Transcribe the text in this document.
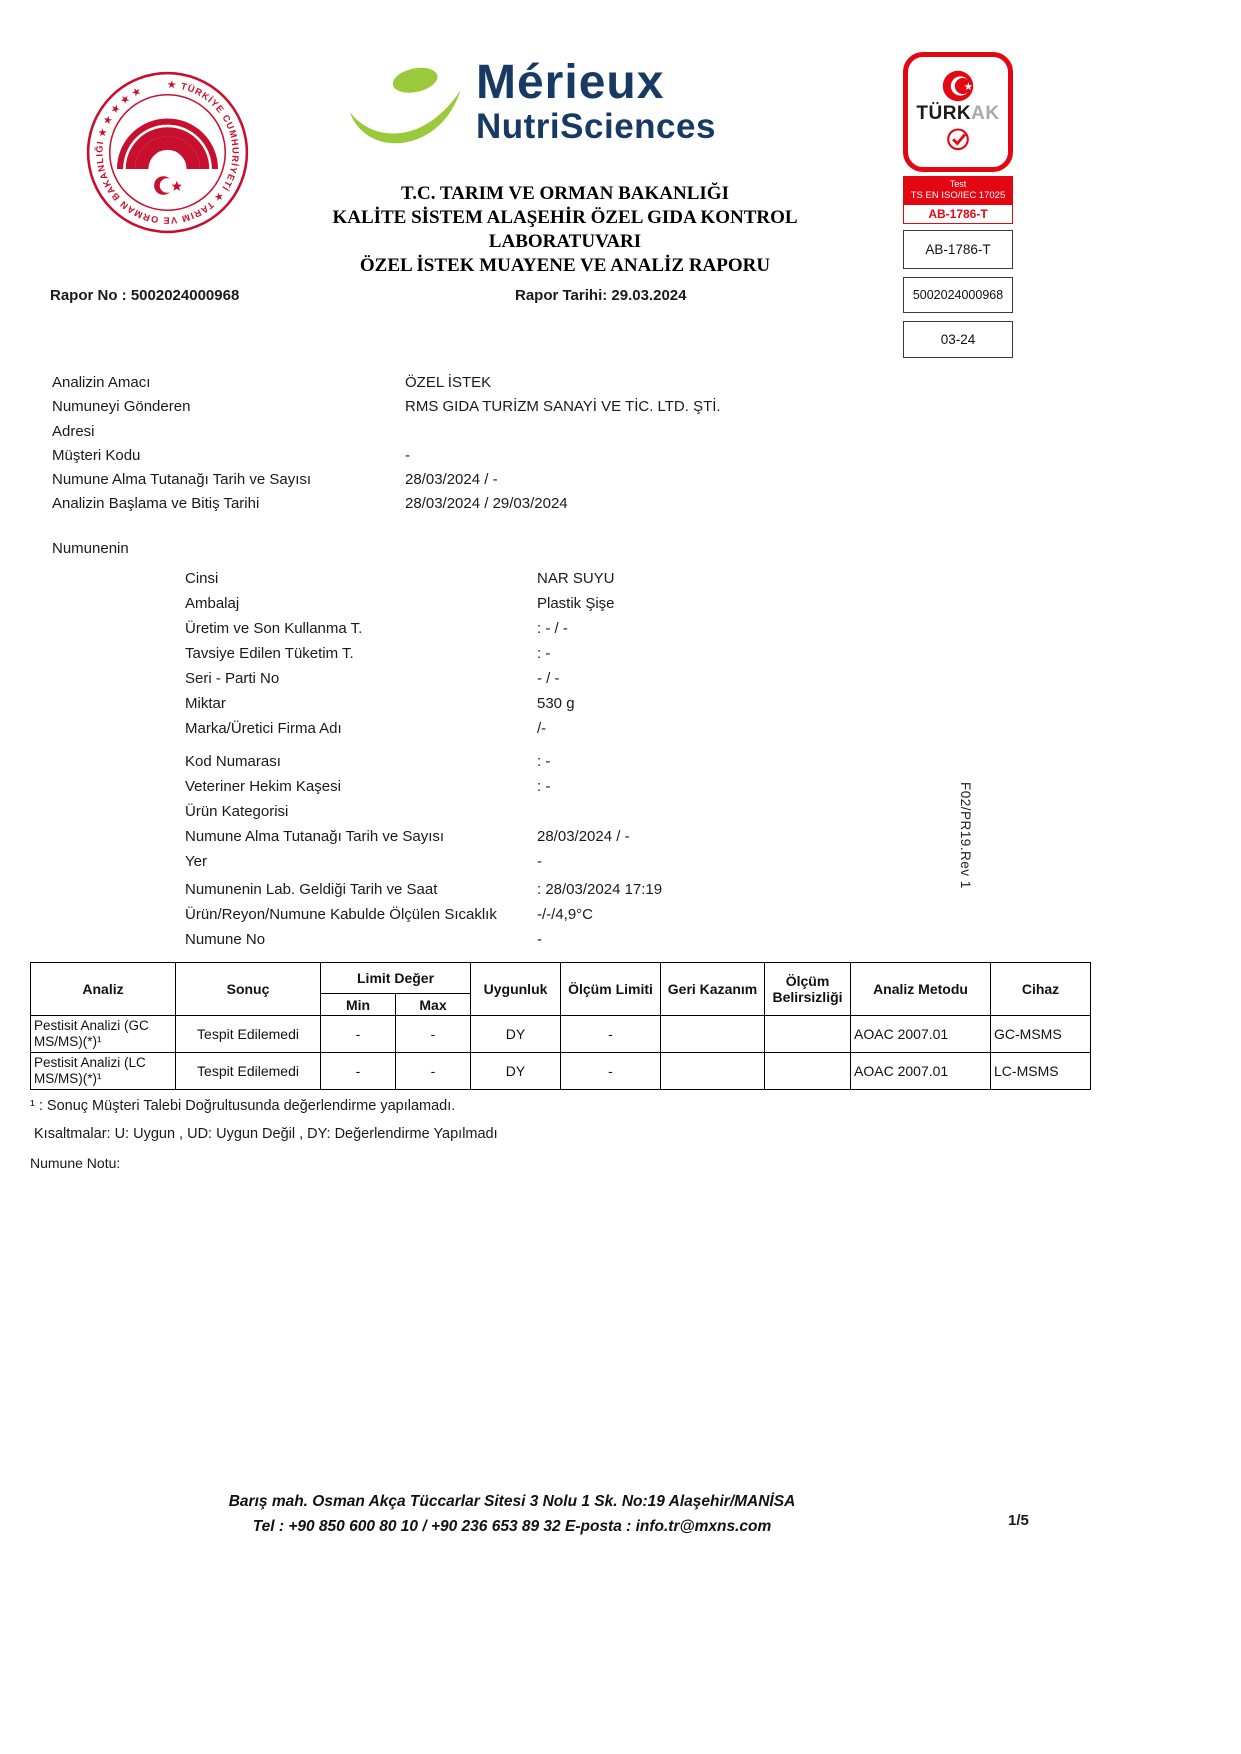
★ TÜRKİYE CUMHURİYETİ ★ TARIM VE ORMAN BAKANLIĞI ★ ★ ★ ★ ★	Mérieux
NutriSciences	TÜRKAK
Test
TS EN ISO/IEC 17025
AB-1786-T
AB-1786-T
5002024000968
03-24
T.C. TARIM VE ORMAN BAKANLIĞI
KALİTE SİSTEM ALAŞEHİR ÖZEL GIDA KONTROL
LABORATUVARI
ÖZEL İSTEK MUAYENE VE ANALİZ RAPORU
Rapor No : 5002024000968	Rapor Tarihi: 29.03.2024
Analizin Amacı	ÖZEL İSTEK
Numuneyi Gönderen	RMS GIDA TURİZM SANAYİ VE TİC. LTD. ŞTİ.
Adresi
Müşteri Kodu	-
Numune Alma Tutanağı Tarih ve Sayısı	28/03/2024 / -
Analizin Başlama ve Bitiş Tarihi	28/03/2024 / 29/03/2024
Numunenin
Cinsi	NAR SUYU
Ambalaj	Plastik Şişe
Üretim ve Son Kullanma T.	: - / -
Tavsiye Edilen Tüketim T.	: -
Seri - Parti No	- / -
Miktar	530 g
Marka/Üretici Firma Adı	/-
Kod Numarası	: -
Veteriner Hekim Kaşesi	: -
Ürün Kategorisi
Numune Alma Tutanağı Tarih ve Sayısı	28/03/2024 / -
Yer	-
Numunenin Lab. Geldiği Tarih ve Saat	: 28/03/2024 17:19
Ürün/Reyon/Numune Kabulde Ölçülen Sıcaklık	-/-/4,9°C
Numune No	-
F02/PR19.Rev 1
Analiz	Sonuç	Limit Değer		Uygunluk	Ölçüm Limiti	Geri Kazanım	Ölçüm Belirsizliği	Analiz Metodu	Cihaz
		Min	Max						
Pestisit Analizi (GC MS/MS)(*)¹	Tespit Edilemedi	-	-	DY	-			AOAC 2007.01	GC-MSMS
Pestisit Analizi (LC MS/MS)(*)¹	Tespit Edilemedi	-	-	DY	-			AOAC 2007.01	LC-MSMS
¹ : Sonuç Müşteri Talebi Doğrultusunda değerlendirme yapılamadı.
Kısaltmalar: U: Uygun , UD: Uygun Değil , DY: Değerlendirme Yapılmadı
Numune Notu:
Barış mah. Osman Akça Tüccarlar Sitesi 3 Nolu 1 Sk. No:19 Alaşehir/MANİSA
Tel : +90 850 600 80 10 / +90 236 653 89 32 E-posta : info.tr@mxns.com	1/5
